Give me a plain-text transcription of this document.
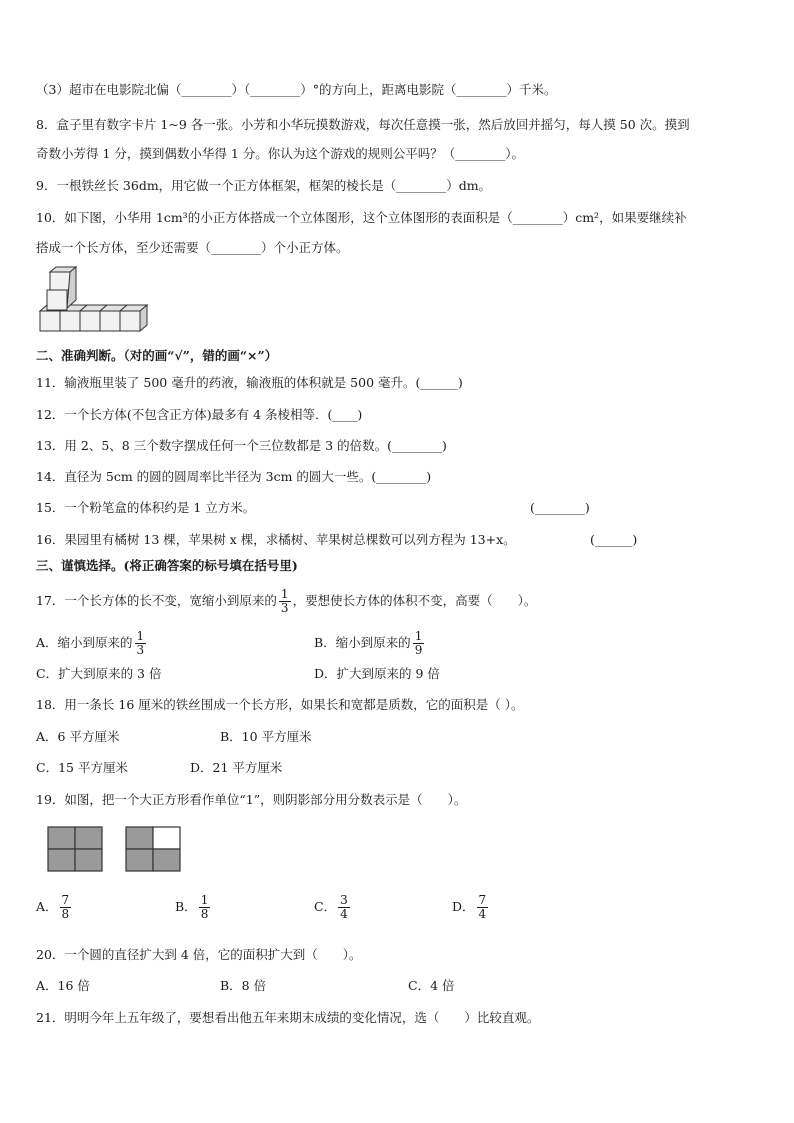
（3）超市在电影院北偏（________）（________）°的方向上，距离电影院（________）千米。
8．盒子里有数字卡片 1~9 各一张。小芳和小华玩摸数游戏，每次任意摸一张，然后放回并摇匀，每人摸 50 次。摸到
奇数小芳得 1 分，摸到偶数小华得 1 分。你认为这个游戏的规则公平吗？（________）。
9．一根铁丝长 36dm，用它做一个正方体框架，框架的棱长是（________）dm。
10．如下图，小华用 1cm³的小正方体搭成一个立体图形，这个立体图形的表面积是（________）cm²，如果要继续补
搭成一个长方体，至少还需要（________）个小正方体。
二、准确判断。（对的画“√”，错的画“×”）
11．输液瓶里装了 500 毫升的药液，输液瓶的体积就是 500 毫升。(______)
12．一个长方体(不包含正方体)最多有 4 条棱相等．(____)
13．用 2、5、8 三个数字摆成任何一个三位数都是 3 的倍数。(________)
14．直径为 5cm 的圆的圆周率比半径为 3cm 的圆大一些。(________)
15．一个粉笔盒的体积约是 1 立方米。	(________)
16．果园里有橘树 13 棵，苹果树 x 棵，求橘树、苹果树总棵数可以列方程为 13+x。	(______)
三、谨慎选择。(将正确答案的标号填在括号里)
17．一个长方体的长不变，宽缩小到原来的 $\frac{1}{3}$ ，要想使长方体的体积不变，高要（　　）。
A．缩小到原来的 $\frac{1}{3}$	B．缩小到原来的 $\frac{1}{9}$
C．扩大到原来的 3 倍	D．扩大到原来的 9 倍
18．用一条长 16 厘米的铁丝围成一个长方形，如果长和宽都是质数，它的面积是（ ）。
A．6 平方厘米	B．10 平方厘米
C．15 平方厘米	D．21 平方厘米
19．如图，把一个大正方形看作单位“1”，则阴影部分用分数表示是（　　）。
A． $\frac{7}{8}$	B． $\frac{1}{8}$	C． $\frac{3}{4}$	D． $\frac{7}{4}$
20．一个圆的直径扩大到 4 倍，它的面积扩大到（　　）。
A．16 倍	B．8 倍	C．4 倍
21．明明今年上五年级了，要想看出他五年来期末成绩的变化情况，选（　　）比较直观。
